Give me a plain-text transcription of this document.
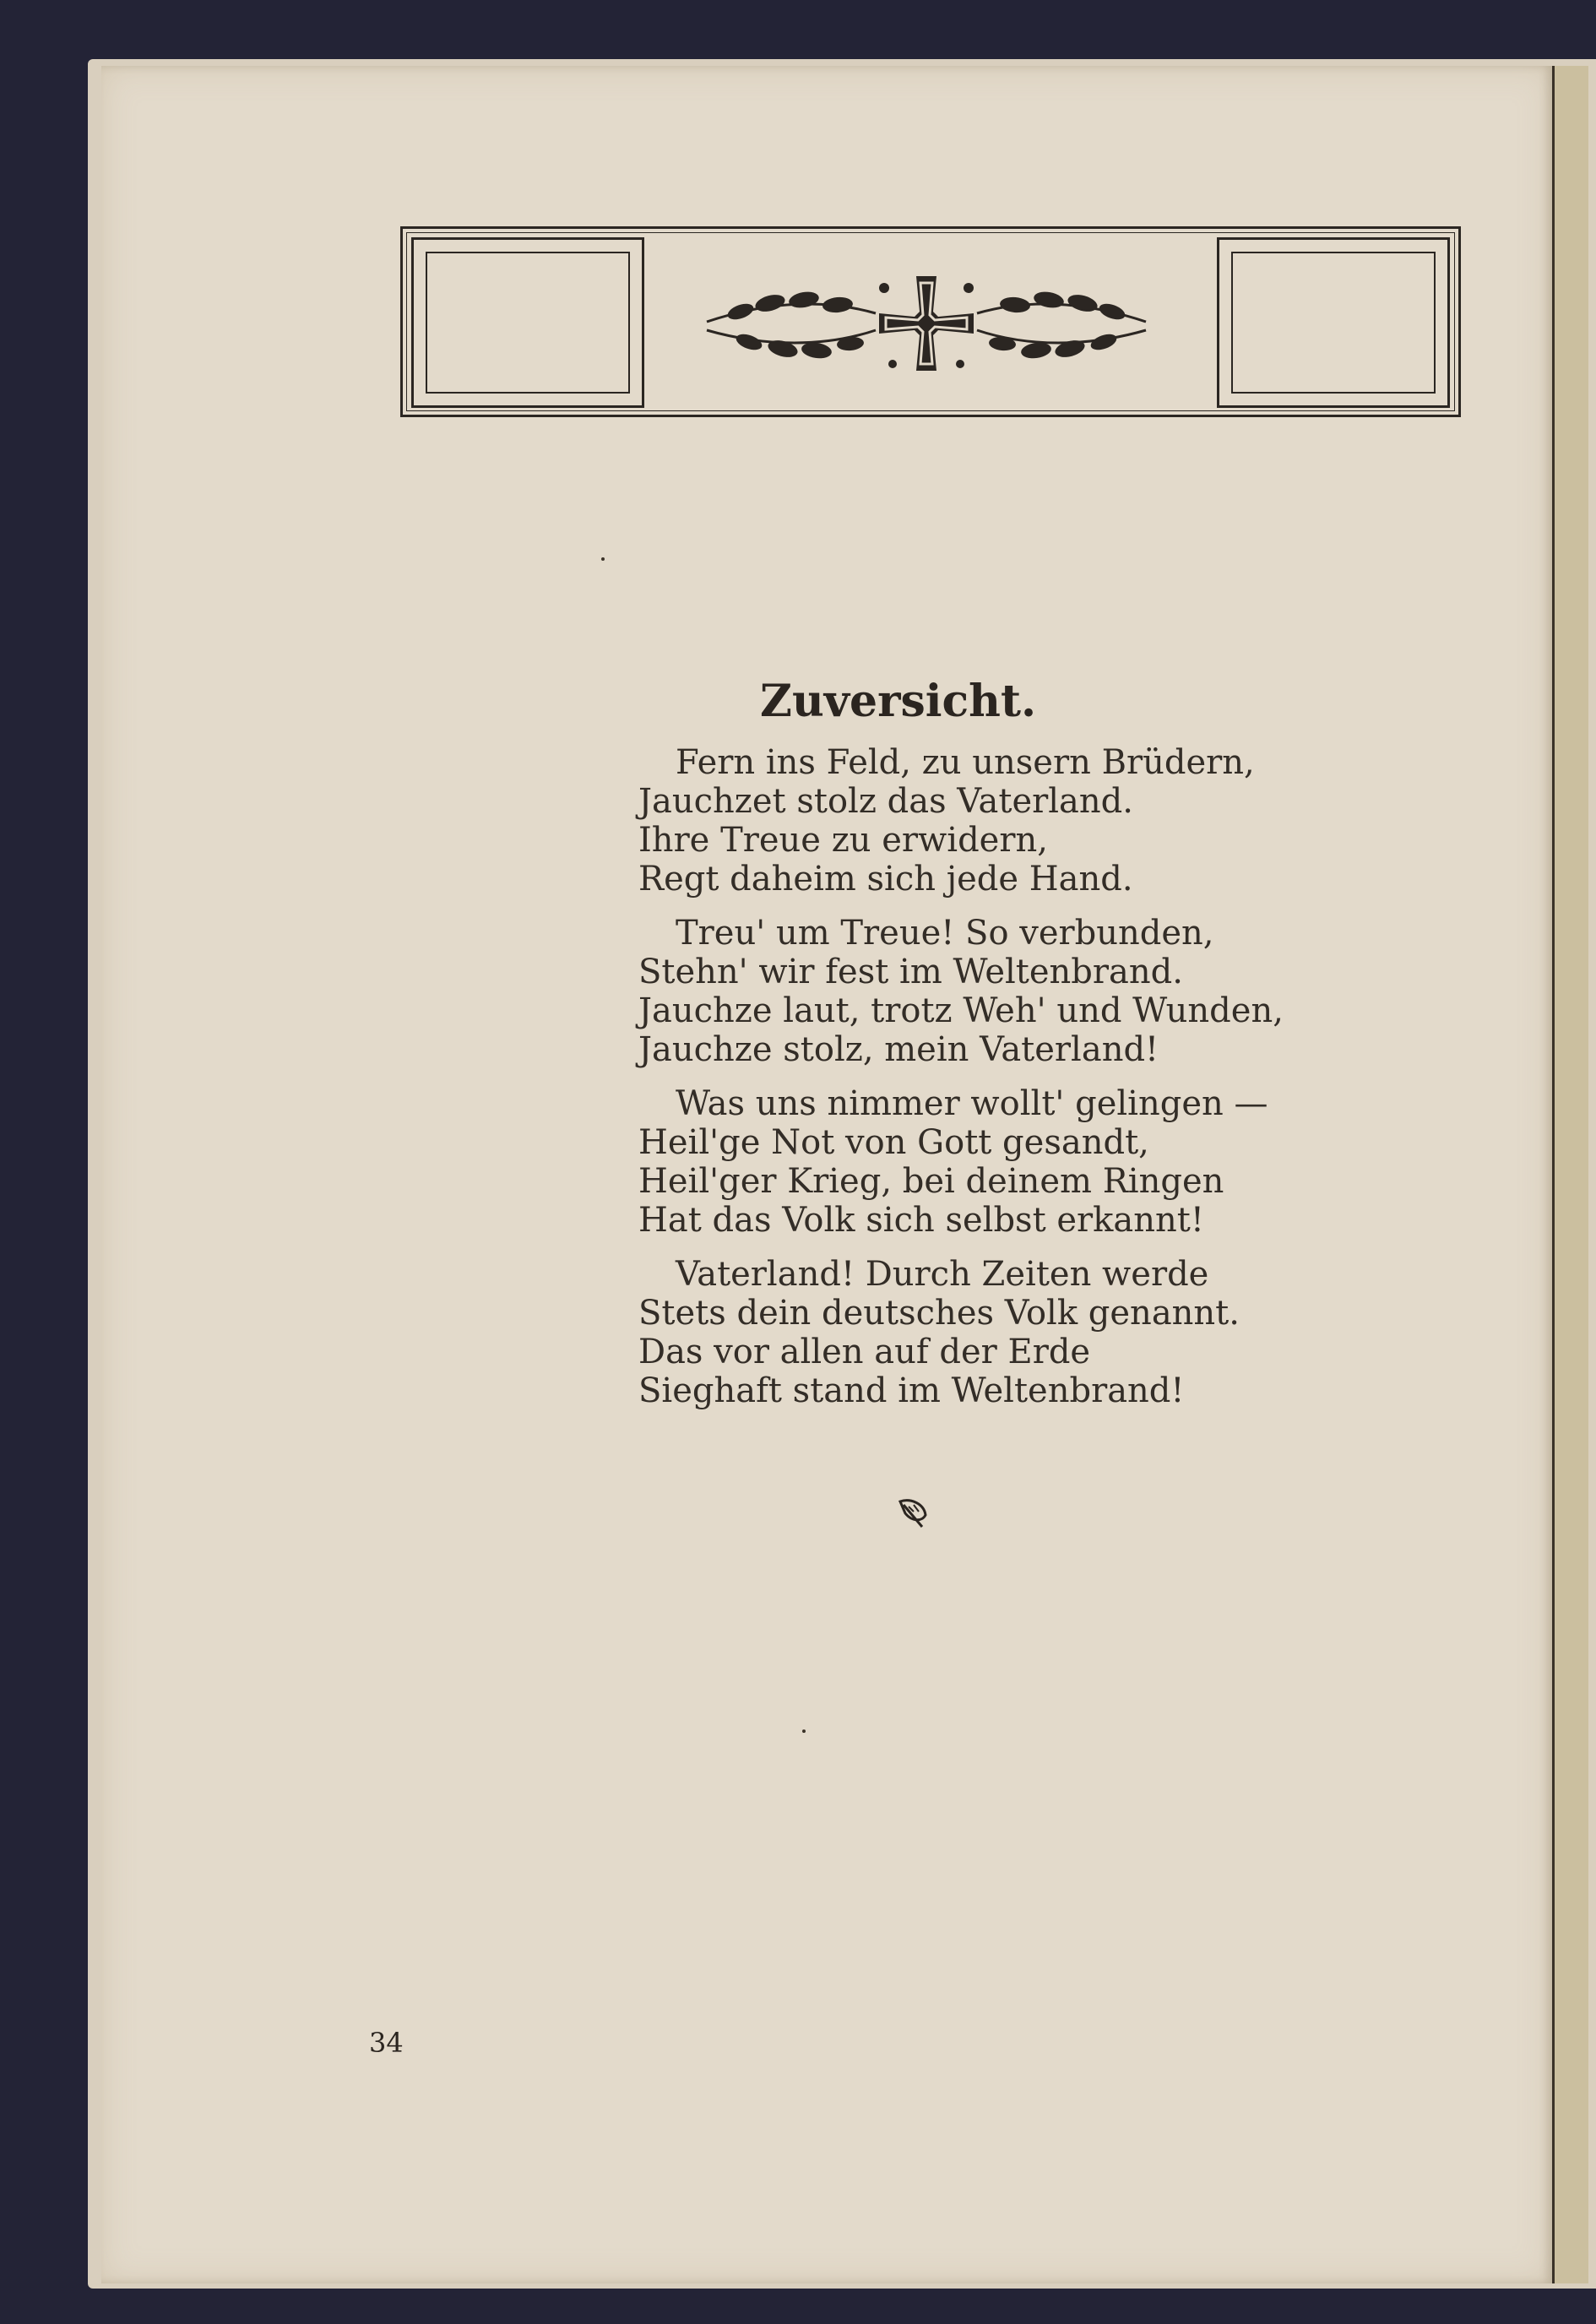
Zuversicht.
Fern ins Feld, zu unsern Brüdern,
Jauchzet stolz das Vaterland.
Ihre Treue zu erwidern,
Regt daheim sich jede Hand.
Treu' um Treue! So verbunden,
Stehn' wir fest im Weltenbrand.
Jauchze laut, trotz Weh' und Wunden,
Jauchze stolz, mein Vaterland!
Was uns nimmer wollt' gelingen —
Heil'ge Not von Gott gesandt,
Heil'ger Krieg, bei deinem Ringen
Hat das Volk sich selbst erkannt!
Vaterland! Durch Zeiten werde
Stets dein deutsches Volk genannt.
Das vor allen auf der Erde
Sieghaft stand im Weltenbrand!
34
